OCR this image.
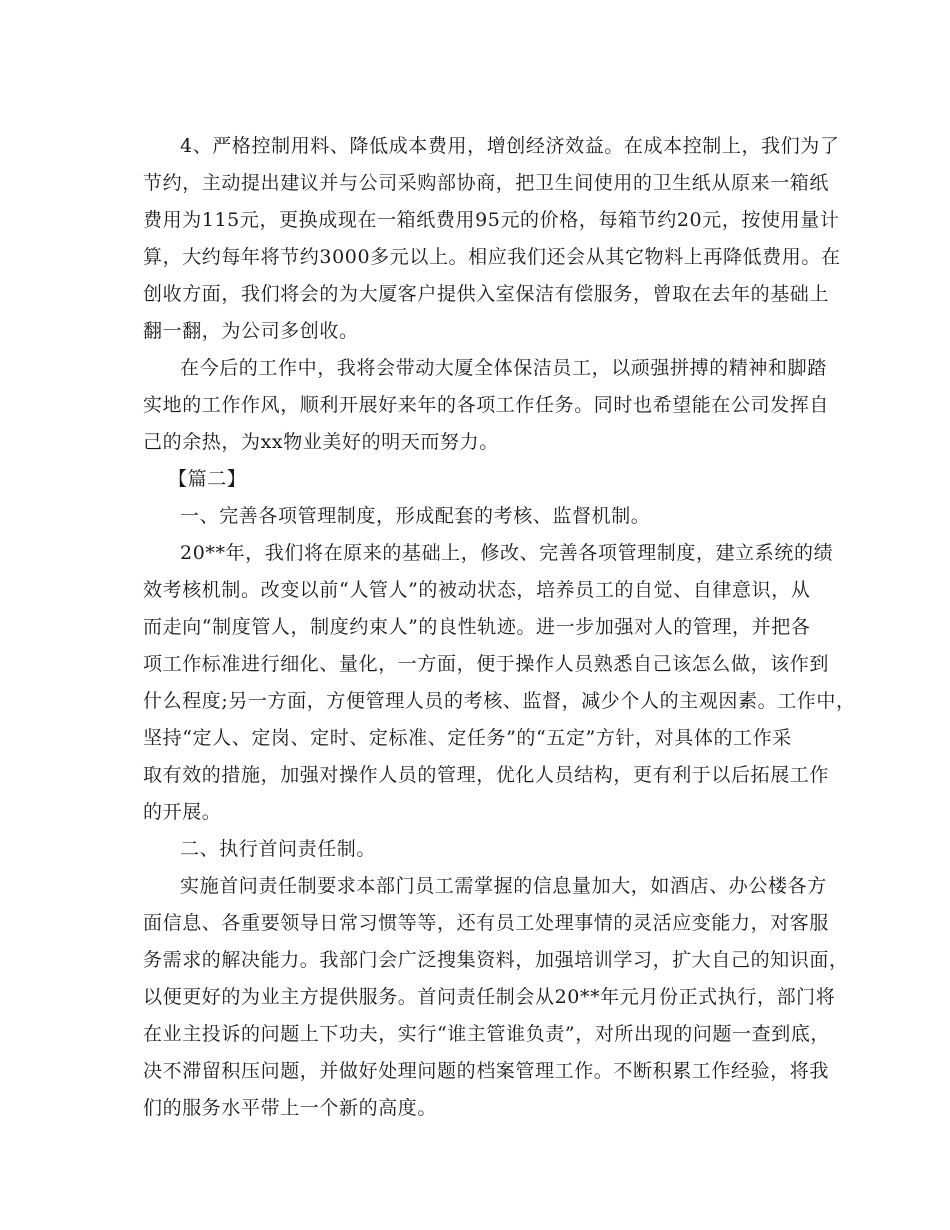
4、严格控制用料、降低成本费用，增创经济效益。在成本控制上，我们为了
节约，主动提出建议并与公司采购部协商，把卫生间使用的卫生纸从原来一箱纸
费用为115元，更换成现在一箱纸费用95元的价格，每箱节约20元，按使用量计
算，大约每年将节约3000多元以上。相应我们还会从其它物料上再降低费用。在
创收方面，我们将会的为大厦客户提供入室保洁有偿服务，曾取在去年的基础上
翻一翻，为公司多创收。
在今后的工作中，我将会带动大厦全体保洁员工，以顽强拼搏的精神和脚踏
实地的工作作风，顺利开展好来年的各项工作任务。同时也希望能在公司发挥自
己的余热，为xx物业美好的明天而努力。
【篇二】
一、完善各项管理制度，形成配套的考核、监督机制。
20**年，我们将在原来的基础上，修改、完善各项管理制度，建立系统的绩
效考核机制。改变以前“人管人”的被动状态，培养员工的自觉、自律意识，从
而走向“制度管人，制度约束人”的良性轨迹。进一步加强对人的管理，并把各
项工作标准进行细化、量化，一方面，便于操作人员熟悉自己该怎么做，该作到
什么程度;另一方面，方便管理人员的考核、监督，减少个人的主观因素。工作中，
坚持“定人、定岗、定时、定标准、定任务”的“五定”方针，对具体的工作采
取有效的措施，加强对操作人员的管理，优化人员结构，更有利于以后拓展工作
的开展。
二、执行首问责任制。
实施首问责任制要求本部门员工需掌握的信息量加大，如酒店、办公楼各方
面信息、各重要领导日常习惯等等，还有员工处理事情的灵活应变能力，对客服
务需求的解决能力。我部门会广泛搜集资料，加强培训学习，扩大自己的知识面，
以便更好的为业主方提供服务。首问责任制会从20**年元月份正式执行，部门将
在业主投诉的问题上下功夫，实行“谁主管谁负责”，对所出现的问题一查到底，
决不滞留积压问题，并做好处理问题的档案管理工作。不断积累工作经验，将我
们的服务水平带上一个新的高度。
